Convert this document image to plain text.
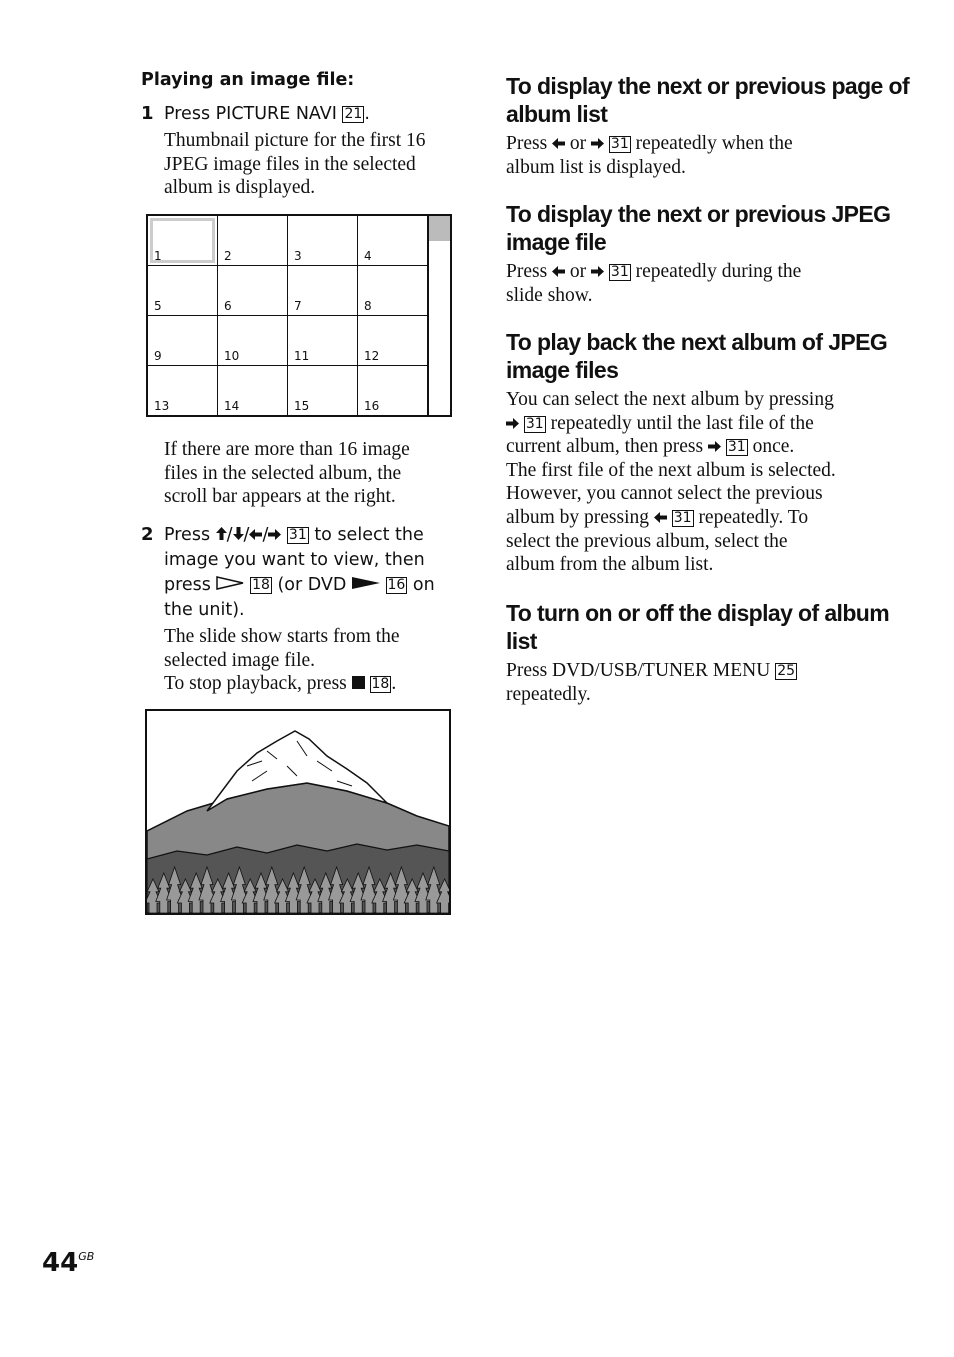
Playing an image file:
1 Press PICTURE NAVI 21 .
Thumbnail picture for the first 16
JPEG image files in the selected
album is displayed.
1	2	3	4
5	6	7	8
9	10	11	12
13	14	15	16
If there are more than 16 image
files in the selected album, the
scroll bar appears at the right.
2 Press / / / 31 to select the
image you want to view, then
press	18 (or DVD	16 on
the unit).
The slide show starts from the
selected image file.
To stop playback, press  18 .
To display the next or previous page of
album list
Press  or  31 repeatedly when the
album list is displayed.
To display the next or previous JPEG
image file
Press  or  31 repeatedly during the
slide show.
To play back the next album of JPEG
image files
You can select the next album by pressing
31 repeatedly until the last file of the
current album, then press  31 once.
The first file of the next album is selected.
However, you cannot select the previous
album by pressing  31 repeatedly. To
select the previous album, select the
album from the album list.
To turn on or off the display of album
list
Press DVD/USB/TUNER MENU 25
repeatedly.
$44^{GB}$
